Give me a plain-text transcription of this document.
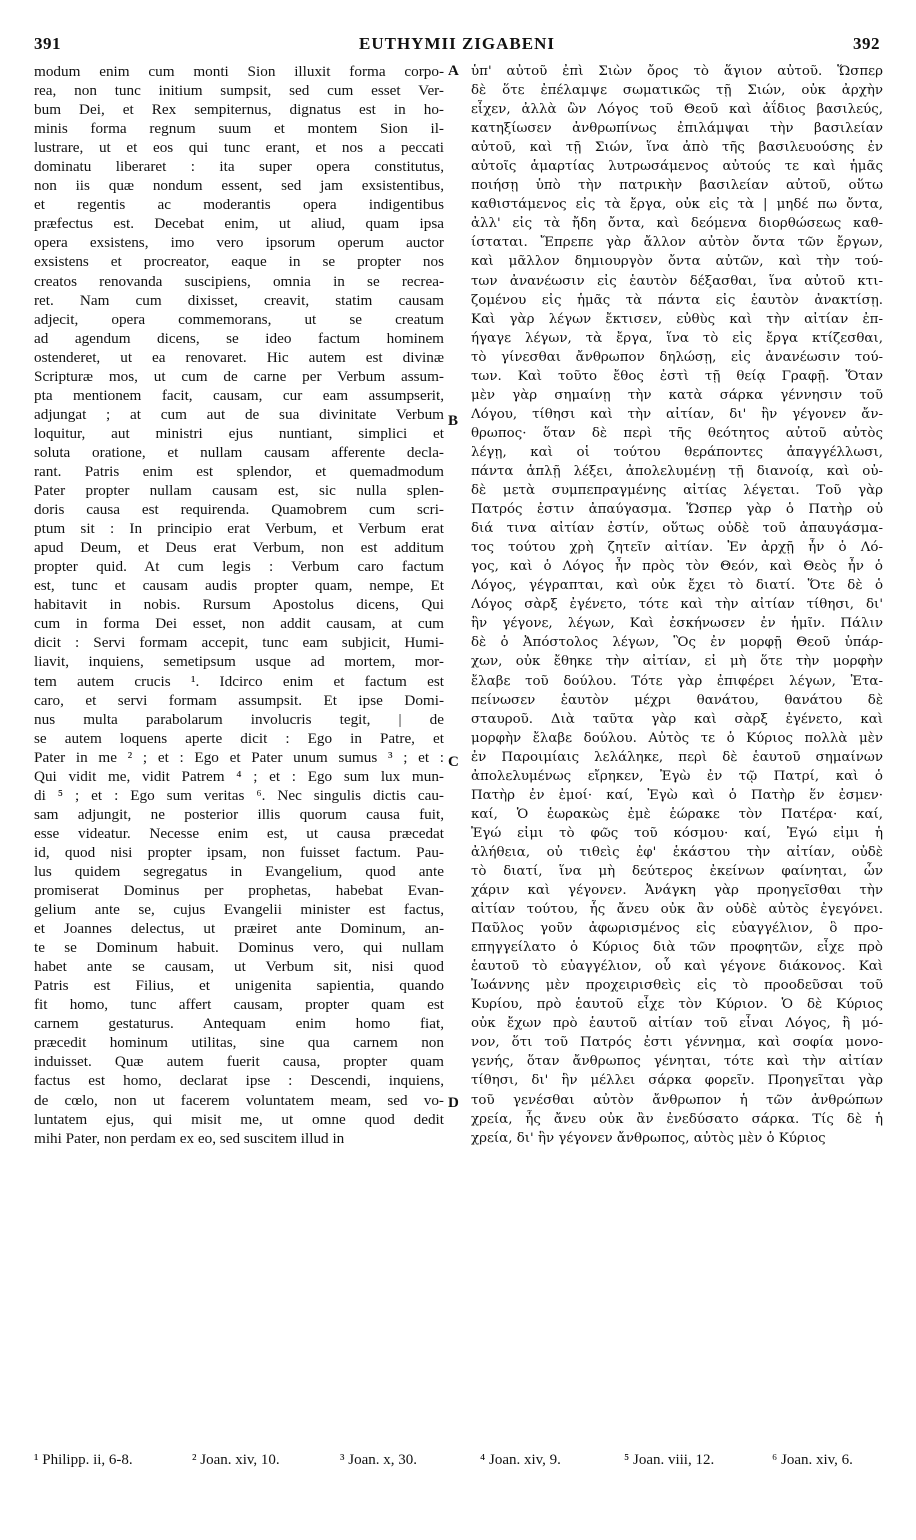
391	EUTHYMII ZIGABENI	392
modum enim cum monti Sion illuxit forma corpo-
rea, non tunc initium sumpsit, sed cum esset Ver-
bum Dei, et Rex sempiternus, dignatus est in ho-
minis forma regnum suum et montem Sion il-
lustrare, ut et eos qui tunc erant, et nos a peccati
dominatu liberaret : ita super opera constitutus,
non iis quæ nondum essent, sed jam exsistentibus,
et regentis ac moderantis opera indigentibus
præfectus est. Decebat enim, ut aliud, quam ipsa
opera exsistens, imo vero ipsorum operum auctor
exsistens et procreator, eaque in se propter nos
creatos renovanda suscipiens, omnia in se recrea-
ret. Nam cum dixisset, creavit, statim causam
adjecit, opera commemorans, ut se creatum
ad agendum dicens, se ideo factum hominem
ostenderet, ut ea renovaret. Hic autem est divinæ
Scripturæ mos, ut cum de carne per Verbum assum-
pta mentionem facit, causam, cur eam assumpserit,
adjungat ; at cum aut de sua divinitate Verbum
loquitur, aut ministri ejus nuntiant, simplici et
soluta oratione, et nullam causam afferente decla-
rant. Patris enim est splendor, et quemadmodum
Pater propter nullam causam est, sic nulla splen-
doris causa est requirenda. Quamobrem cum scri-
ptum sit : In principio erat Verbum, et Verbum erat
apud Deum, et Deus erat Verbum, non est additum
propter quid. At cum legis : Verbum caro factum
est, tunc et causam audis propter quam, nempe, Et
habitavit in nobis. Rursum Apostolus dicens, Qui
cum in forma Dei esset, non addit causam, at cum
dicit : Servi formam accepit, tunc eam subjicit, Humi-
liavit, inquiens, semetipsum usque ad mortem, mor-
tem autem crucis ¹. Idcirco enim et factum est
caro, et servi formam assumpsit. Et ipse Domi-
nus multa parabolarum involucris tegit, | de
se autem loquens aperte dicit : Ego in Patre, et
Pater in me ² ; et : Ego et Pater unum sumus ³ ; et :
Qui vidit me, vidit Patrem ⁴ ; et : Ego sum lux mun-
di ⁵ ; et : Ego sum veritas ⁶. Nec singulis dictis cau-
sam adjungit, ne posterior illis quorum causa fuit,
esse videatur. Necesse enim est, ut causa præcedat
id, quod nisi propter ipsam, non fuisset factum. Pau-
lus quidem segregatus in Evangelium, quod ante
promiserat Dominus per prophetas, habebat Evan-
gelium ante se, cujus Evangelii minister est factus,
et Joannes delectus, ut præiret ante Dominum, an-
te se Dominum habuit. Dominus vero, qui nullam
habet ante se causam, ut Verbum sit, nisi quod
Patris est Filius, et unigenita sapientia, quando
fit homo, tunc affert causam, propter quam est
carnem gestaturus. Antequam enim homo fiat,
præcedit hominum utilitas, sine qua carnem non
induisset. Quæ autem fuerit causa, propter quam
factus est homo, declarat ipse : Descendi, inquiens,
de cœlo, non ut facerem voluntatem meam, sed vo-
luntatem ejus, qui misit me, ut omne quod dedit
mihi Pater, non perdam ex eo, sed suscitem illud in
A
B
C
D
ὑπ' αὐτοῦ ἐπὶ Σιὼν ὄρος τὸ ἅγιον αὐτοῦ. Ὥσπερ
δὲ ὅτε ἐπέλαμψε σωματικῶς τῇ Σιών, οὐκ ἀρχὴν
εἶχεν, ἀλλὰ ὢν Λόγος τοῦ Θεοῦ καὶ ἀΐδιος βασιλεύς,
κατηξίωσεν ἀνθρωπίνως ἐπιλάμψαι τὴν βασιλείαν
αὐτοῦ, καὶ τῇ Σιών, ἵνα ἀπὸ τῆς βασιλευούσης ἐν
αὐτοῖς ἁμαρτίας λυτρωσάμενος αὐτούς τε καὶ ἡμᾶς
ποιήσῃ ὑπὸ τὴν πατρικὴν βασιλείαν αὐτοῦ, οὕτω
καθιστάμενος εἰς τὰ ἔργα, οὐκ εἰς τὰ | μηδέ πω ὄντα,
ἀλλ' εἰς τὰ ἤδη ὄντα, καὶ δεόμενα διορθώσεως καθ-
ίσταται. Ἔπρεπε γὰρ ἄλλον αὐτὸν ὄντα τῶν ἔργων,
καὶ μᾶλλον δημιουργὸν ὄντα αὐτῶν, καὶ τὴν τού-
των ἀνανέωσιν εἰς ἑαυτὸν δέξασθαι, ἵνα αὐτοῦ κτι-
ζομένου εἰς ἡμᾶς τὰ πάντα εἰς ἑαυτὸν ἀνακτίσῃ.
Καὶ γὰρ λέγων ἔκτισεν, εὐθὺς καὶ τὴν αἰτίαν ἐπ-
ήγαγε λέγων, τὰ ἔργα, ἵνα τὸ εἰς ἔργα κτίζεσθαι,
τὸ γίνεσθαι ἄνθρωπον δηλώσῃ, εἰς ἀνανέωσιν τού-
των. Καὶ τοῦτο ἔθος ἐστὶ τῇ θείᾳ Γραφῇ. Ὅταν
μὲν γὰρ σημαίνῃ τὴν κατὰ σάρκα γέννησιν τοῦ
Λόγου, τίθησι καὶ τὴν αἰτίαν, δι' ἣν γέγονεν ἄν-
θρωπος· ὅταν δὲ περὶ τῆς θεότητος αὐτοῦ αὐτὸς
λέγῃ, καὶ οἱ τούτου θεράποντες ἀπαγγέλλωσι,
πάντα ἁπλῇ λέξει, ἀπολελυμένῃ τῇ διανοίᾳ, καὶ οὐ-
δὲ μετὰ συμπεπραγμένης αἰτίας λέγεται. Τοῦ γὰρ
Πατρός ἐστιν ἀπαύγασμα. Ὥσπερ γὰρ ὁ Πατὴρ οὐ
διά τινα αἰτίαν ἐστίν, οὕτως οὐδὲ τοῦ ἀπαυγάσμα-
τος τούτου χρὴ ζητεῖν αἰτίαν. Ἐν ἀρχῇ ἦν ὁ Λό-
γος, καὶ ὁ Λόγος ἦν πρὸς τὸν Θεόν, καὶ Θεὸς ἦν ὁ
Λόγος, γέγραπται, καὶ οὐκ ἔχει τὸ διατί. Ὅτε δὲ ὁ
Λόγος σὰρξ ἐγένετο, τότε καὶ τὴν αἰτίαν τίθησι, δι'
ἣν γέγονε, λέγων, Καὶ ἐσκήνωσεν ἐν ἡμῖν. Πάλιν
δὲ ὁ Ἀπόστολος λέγων, Ὃς ἐν μορφῇ Θεοῦ ὑπάρ-
χων, οὐκ ἔθηκε τὴν αἰτίαν, εἰ μὴ ὅτε τὴν μορφὴν
ἔλαβε τοῦ δούλου. Τότε γὰρ ἐπιφέρει λέγων, Ἐτα-
πείνωσεν ἑαυτὸν μέχρι θανάτου, θανάτου δὲ
σταυροῦ. Διὰ ταῦτα γὰρ καὶ σὰρξ ἐγένετο, καὶ
μορφὴν ἔλαβε δούλου. Αὐτὸς τε ὁ Κύριος πολλὰ μὲν
ἐν Παροιμίαις λελάληκε, περὶ δὲ ἑαυτοῦ σημαίνων
ἀπολελυμένως εἴρηκεν, Ἐγὼ ἐν τῷ Πατρί, καὶ ὁ
Πατὴρ ἐν ἐμοί· καί, Ἐγὼ καὶ ὁ Πατὴρ ἕν ἐσμεν·
καί, Ὁ ἑωρακὼς ἐμὲ ἑώρακε τὸν Πατέρα· καί,
Ἐγώ εἰμι τὸ φῶς τοῦ κόσμου· καί, Ἐγώ εἰμι ἡ
ἀλήθεια, οὐ τιθεὶς ἐφ' ἑκάστου τὴν αἰτίαν, οὐδὲ
τὸ διατί, ἵνα μὴ δεύτερος ἐκείνων φαίνηται, ὧν
χάριν καὶ γέγονεν. Ἀνάγκη γὰρ προηγεῖσθαι τὴν
αἰτίαν τούτου, ἧς ἄνευ οὐκ ἂν οὐδὲ αὐτὸς ἐγεγόνει.
Παῦλος γοῦν ἀφωρισμένος εἰς εὐαγγέλιον, ὃ προ-
επηγγείλατο ὁ Κύριος διὰ τῶν προφητῶν, εἶχε πρὸ
ἑαυτοῦ τὸ εὐαγγέλιον, οὗ καὶ γέγονε διάκονος. Καὶ
Ἰωάννης μὲν προχειρισθεὶς εἰς τὸ προοδεῦσαι τοῦ
Κυρίου, πρὸ ἑαυτοῦ εἶχε τὸν Κύριον. Ὁ δὲ Κύριος
οὐκ ἔχων πρὸ ἑαυτοῦ αἰτίαν τοῦ εἶναι Λόγος, ἢ μό-
νον, ὅτι τοῦ Πατρός ἐστι γέννημα, καὶ σοφία μονο-
γενής, ὅταν ἄνθρωπος γένηται, τότε καὶ τὴν αἰτίαν
τίθησι, δι' ἣν μέλλει σάρκα φορεῖν. Προηγεῖται γὰρ
τοῦ γενέσθαι αὐτὸν ἄνθρωπον ἡ τῶν ἀνθρώπων
χρεία, ἧς ἄνευ οὐκ ἂν ἐνεδύσατο σάρκα. Τίς δὲ ἡ
χρεία, δι' ἣν γέγονεν ἄνθρωπος, αὐτὸς μὲν ὁ Κύριος
¹ Philipp. ii, 6-8.	² Joan. xiv, 10.	³ Joan. x, 30.	⁴ Joan. xiv, 9.	⁵ Joan. viii, 12.	⁶ Joan. xiv, 6.
